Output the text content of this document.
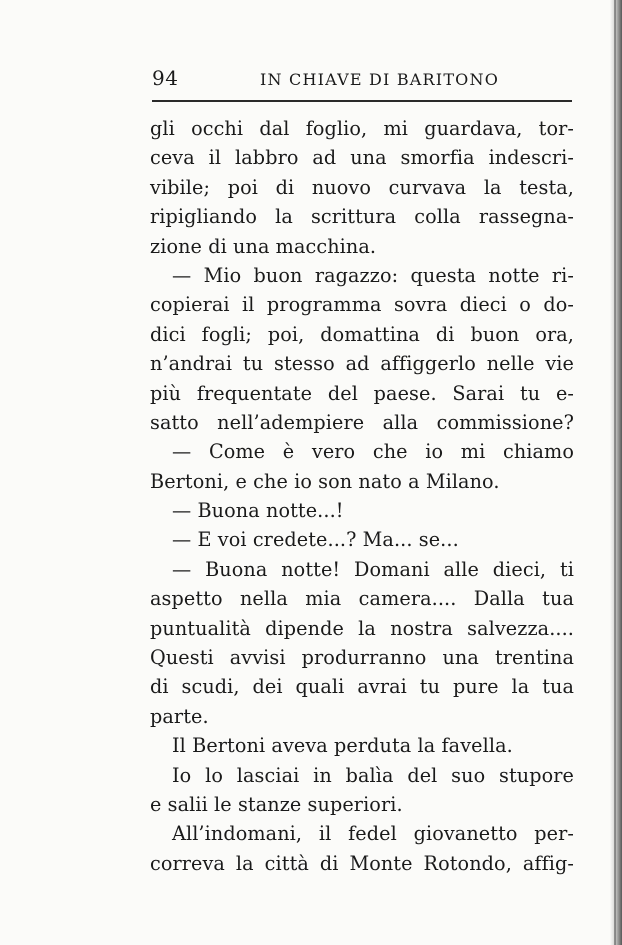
94	IN CHIAVE DI BARITONO
gli occhi dal foglio, mi guardava, tor-
ceva il labbro ad una smorfia indescri-
vibile; poi di nuovo curvava la testa,
ripigliando la scrittura colla rassegna-
zione di una macchina.
— Mio buon ragazzo: questa notte ri-
copierai il programma sovra dieci o do-
dici fogli; poi, domattina di buon ora,
n’andrai tu stesso ad affiggerlo nelle vie
più frequentate del paese. Sarai tu e-
satto nell’adempiere alla commissione?
— Come è vero che io mi chiamo
Bertoni, e che io son nato a Milano.
— Buona notte...!
— E voi credete...? Ma... se...
— Buona notte! Domani alle dieci, ti
aspetto nella mia camera.... Dalla tua
puntualità dipende la nostra salvezza....
Questi avvisi produrranno una trentina
di scudi, dei quali avrai tu pure la tua
parte.
Il Bertoni aveva perduta la favella.
Io lo lasciai in balìa del suo stupore
e salii le stanze superiori.
All’indomani, il fedel giovanetto per-
correva la città di Monte Rotondo, affig-
